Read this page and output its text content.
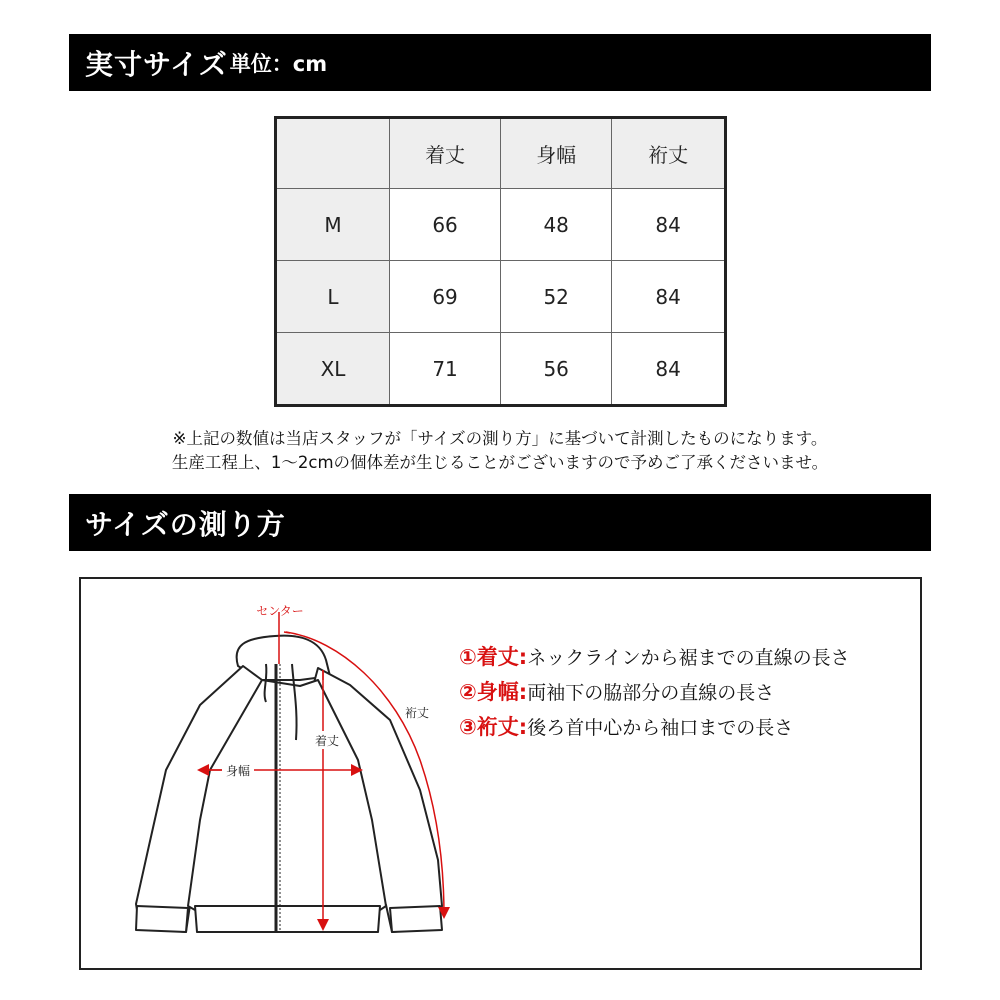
実寸サイズ 単位：cm
	着丈	身幅	裄丈
M	66	48	84
L	69	52	84
XL	71	56	84
※上記の数値は当店スタッフが「サイズの測り方」に基づいて計測したものになります。
生産工程上、1〜2cmの個体差が生じることがございますので予めご了承くださいませ。
サイズの測り方
センター
着丈
身幅
裄丈
①着丈:ネックラインから裾までの直線の長さ
②身幅:両袖下の脇部分の直線の長さ
③裄丈:後ろ首中心から袖口までの長さ
